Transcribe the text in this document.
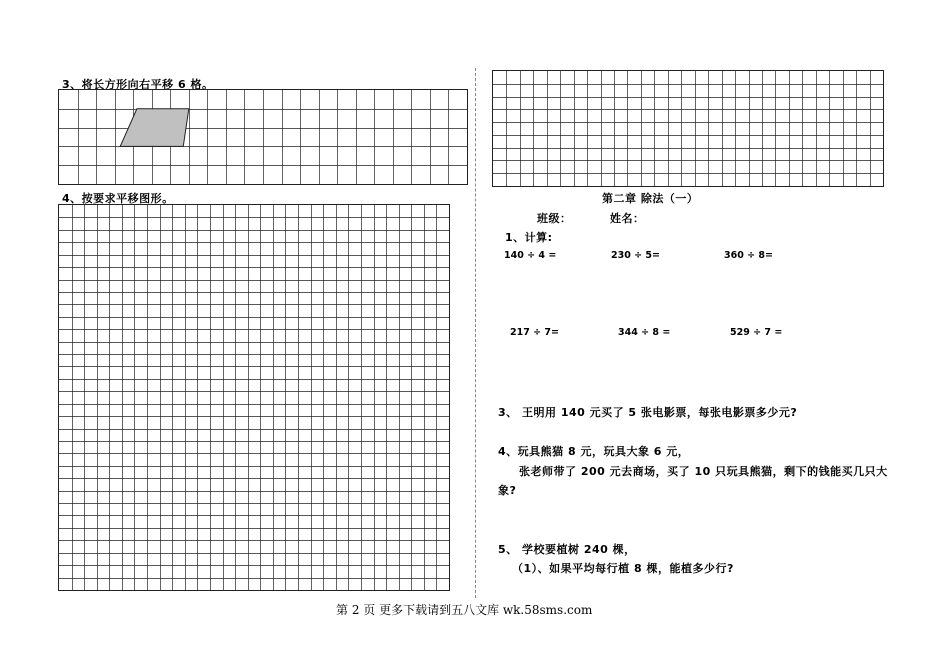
3、将长方形向右平移 6 格。
4、按要求平移图形。	第二章 除法（一）
班级：	姓名：
1、计算:
140 ÷ 4 =	230 ÷ 5=	360 ÷ 8=
217 ÷ 7=	344 ÷ 8 =	529 ÷ 7 =
3、 王明用 140 元买了 5 张电影票，每张电影票多少元?
4、玩具熊猫 8 元，玩具大象 6 元，
张老师带了 200 元去商场，买了 10 只玩具熊猫，剩下的钱能买几只大
象?
5、 学校要植树 240 棵，
（1）、如果平均每行植 8 棵，能植多少行?
第 2 页 更多下载请到五八文库 wk.58sms.com
